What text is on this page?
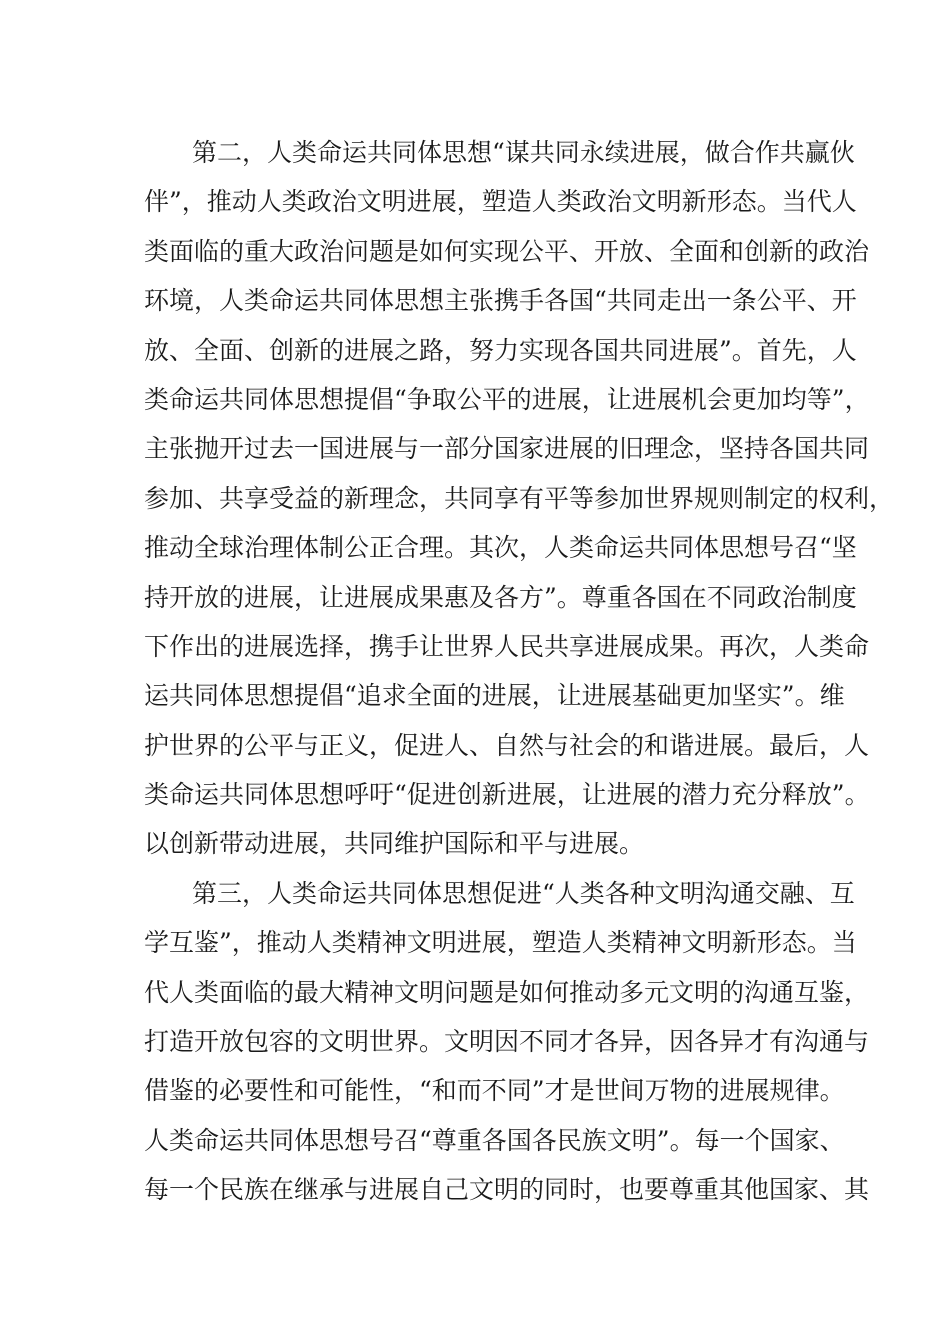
第二，人类命运共同体思想“谋共同永续进展，做合作共赢伙
伴”，推动人类政治文明进展，塑造人类政治文明新形态。当代人
类面临的重大政治问题是如何实现公平、开放、全面和创新的政治
环境，人类命运共同体思想主张携手各国“共同走出一条公平、开
放、全面、创新的进展之路，努力实现各国共同进展”。首先，人
类命运共同体思想提倡“争取公平的进展，让进展机会更加均等”，
主张抛开过去一国进展与一部分国家进展的旧理念，坚持各国共同
参加、共享受益的新理念，共同享有平等参加世界规则制定的权利，
推动全球治理体制公正合理。其次，人类命运共同体思想号召“坚
持开放的进展，让进展成果惠及各方”。尊重各国在不同政治制度
下作出的进展选择，携手让世界人民共享进展成果。再次，人类命
运共同体思想提倡“追求全面的进展，让进展基础更加坚实”。维
护世界的公平与正义，促进人、自然与社会的和谐进展。最后，人
类命运共同体思想呼吁“促进创新进展，让进展的潜力充分释放”。
以创新带动进展，共同维护国际和平与进展。
第三，人类命运共同体思想促进“人类各种文明沟通交融、互
学互鉴”，推动人类精神文明进展，塑造人类精神文明新形态。当
代人类面临的最大精神文明问题是如何推动多元文明的沟通互鉴，
打造开放包容的文明世界。文明因不同才各异，因各异才有沟通与
借鉴的必要性和可能性，“和而不同”才是世间万物的进展规律。
人类命运共同体思想号召“尊重各国各民族文明”。每一个国家、
每一个民族在继承与进展自己文明的同时，也要尊重其他国家、其
